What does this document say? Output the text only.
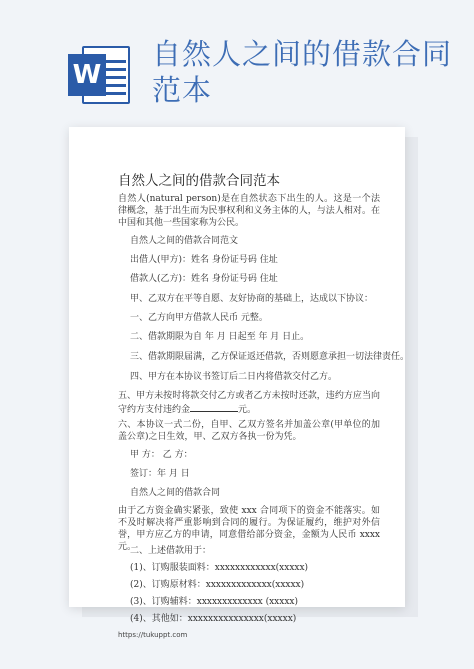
W
自然人之间的借款合同范本
自然人之间的借款合同范本
自然人(natural person)是在自然状态下出生的人。这是一个法律概念，基于出生而为民事权利和义务主体的人，与法人相对。在中国和其他一些国家称为公民。
自然人之间的借款合同范文
出借人(甲方)：姓名 身份证号码 住址
借款人(乙方)：姓名 身份证号码 住址
甲、乙双方在平等自愿、友好协商的基础上，达成以下协议：
一、乙方向甲方借款人民币 元整。
二、借款期限为自 年 月 日起至 年 月 日止。
三、借款期限届满，乙方保证返还借款，否则愿意承担一切法律责任。
四、甲方在本协议书签订后二日内将借款交付乙方。
五、甲方未按时将款交付乙方或者乙方未按时还款，违约方应当向守约方支付违约金	元。
六、本协议一式二份，自甲、乙双方签名并加盖公章(甲单位的加盖公章)之日生效，甲、乙双方各执一份为凭。
甲 方： 乙 方：
签订：年 月 日
自然人之间的借款合同
由于乙方资金确实紧张，致使 xxx 合同项下的资金不能落实。如不及时解决将严重影响到合同的履行。为保证履约，维护对外信誉，甲方应乙方的申请，同意借给部分资金，金额为人民币 xxxx 元。
二、上述借款用于：
(1)、订购服装面料：xxxxxxxxxxxx(xxxxx)
(2)、订购原材料：xxxxxxxxxxxxx(xxxxx)
(3)、订购辅料：xxxxxxxxxxxxx (xxxxx)
(4)、其他如：xxxxxxxxxxxxxxx(xxxxx)
https://tukuppt.com
